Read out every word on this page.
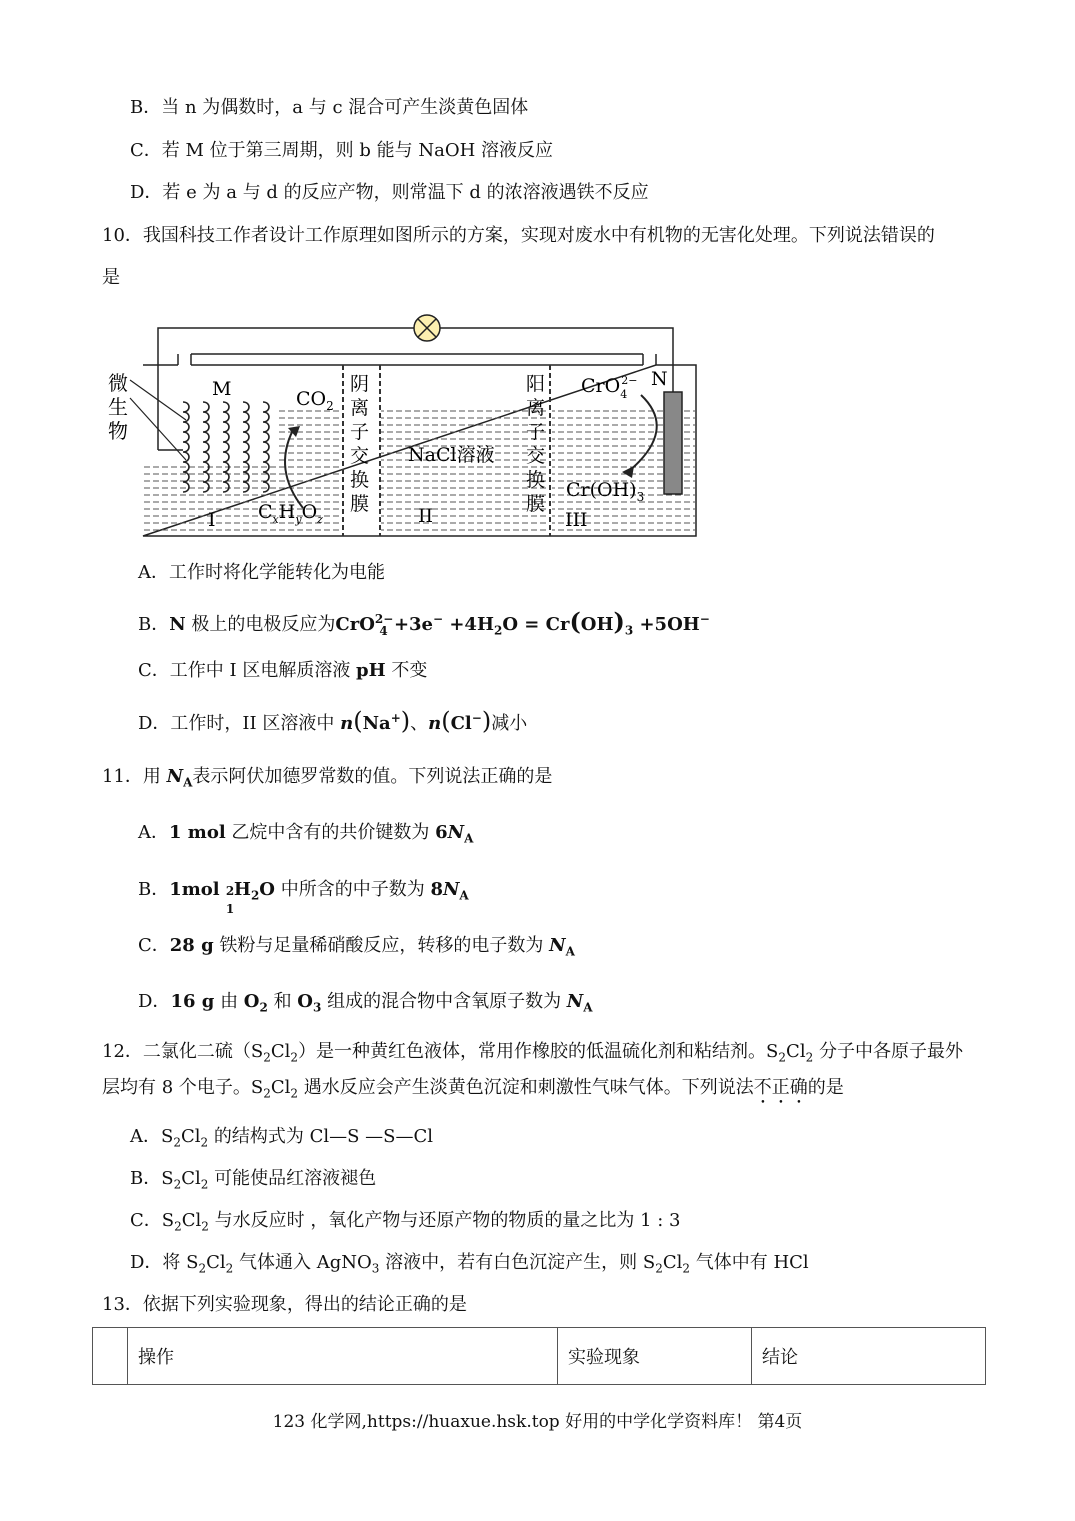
B．当 n 为偶数时，a 与 c 混合可产生淡黄色固体
C．若 M 位于第三周期，则 b 能与 NaOH 溶液反应
D．若 e 为 a 与 d 的反应产物，则常温下 d 的浓溶液遇铁不反应
10．我国科技工作者设计工作原理如图所示的方案，实现对废水中有机物的无害化处理。下列说法错误的
是
微
生
物
M	N
$CO_2$
$C_xH_yO_z$
阴
离
子
交
换
膜
阳
离
子
交
换
膜
NaCl溶液
CrO$_4$2−
$Cr(OH)_3$
I	II	III
A．工作时将化学能转化为电能
B．N 极上的电极反应为$CrO^{2-}_4 +3e^- +4H_2O = Cr(OH)_3 +5OH^-$
C．工作中 I 区电解质溶液 pH 不变
D．工作时，II 区溶液中 n(Na+)、n(Cl−)减小
11．用 $N_A$表示阿伏加德罗常数的值。下列说法正确的是
A．1 mol 乙烷中含有的共价键数为 $6N_A$
B．1mol 2
1
$H_2O$ 中所含的中子数为 $8N_A$
C．28 g 铁粉与足量稀硝酸反应，转移的电子数为 $N_A$
D．16 g 由 $O_2$ 和 $O_3$ 组成的混合物中含氧原子数为 $N_A$
12．二氯化二硫$(S_2Cl_2)$是一种黄红色液体，常用作橡胶的低温硫化剂和粘结剂。$S_2Cl_2$ 分子中各原子最外
层均有 8 个电子。$S_2Cl_2$ 遇水反应会产生淡黄色沉淀和刺激性气味气体。下列说法不正确的是
A．$S_2Cl_2$ 的结构式为 Cl—S —S—Cl
B．$S_2Cl_2$ 可能使品红溶液褪色
C．$S_2Cl_2$ 与水反应时 ，氧化产物与还原产物的物质的量之比为 1 : 3
D．将 $S_2Cl_2$ 气体通入 AgNO$_3$ 溶液中，若有白色沉淀产生，则 $S_2Cl_2$ 气体中有 HCl
13．依据下列实验现象，得出的结论正确的是
	操作	实验现象	结论
123 化学网,https://huaxue.hsk.top 好用的中学化学资料库！ 第4页
